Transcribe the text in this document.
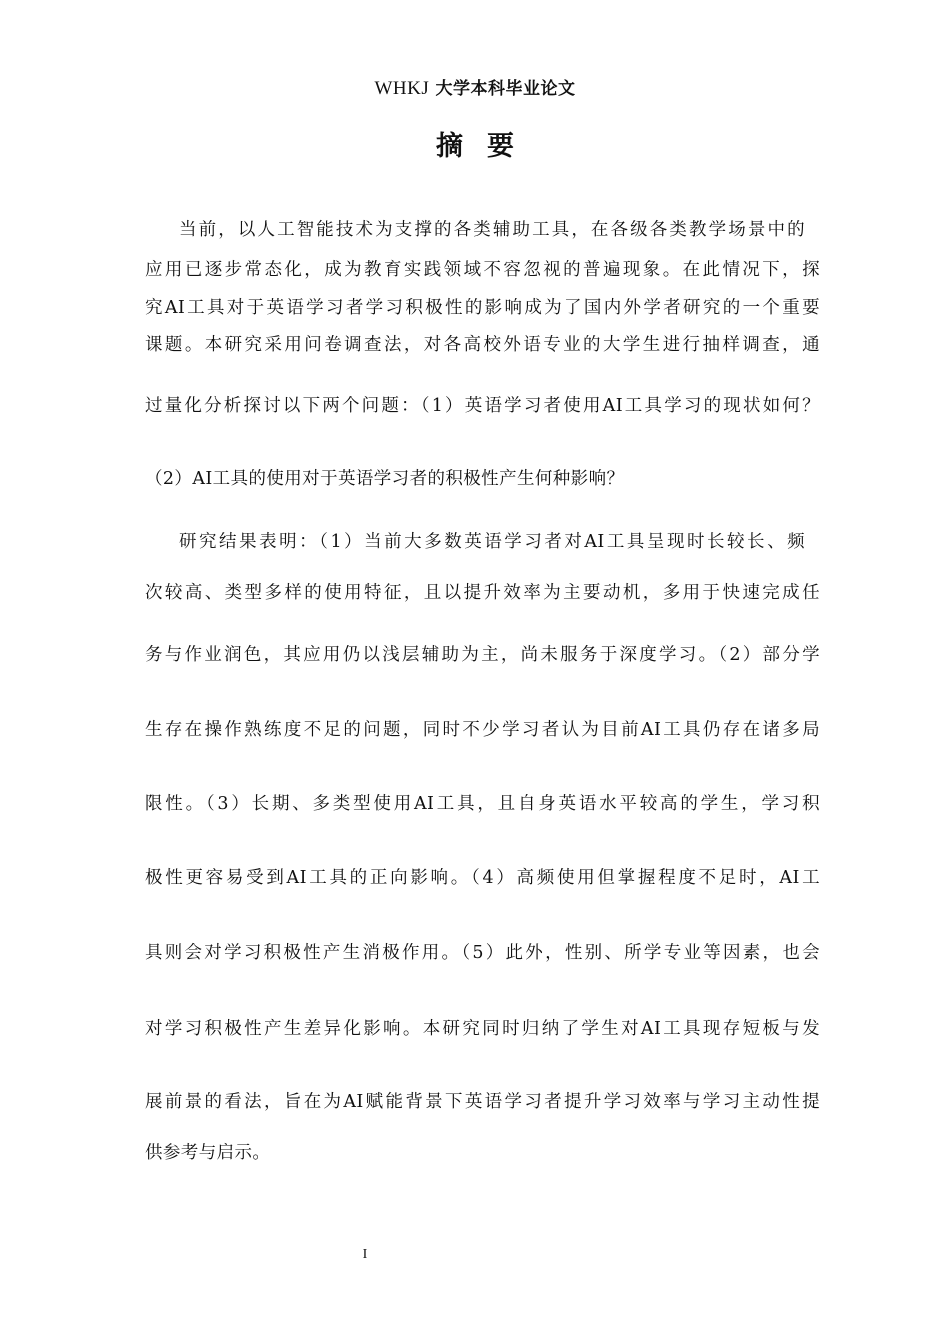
WHKJ 大学本科毕业论文
摘要
当前，以人工智能技术为支撑的各类辅助工具，在各级各类教学场景中的
应用已逐步常态化，成为教育实践领域不容忽视的普遍现象。在此情况下，探
究AI工具对于英语学习者学习积极性的影响成为了国内外学者研究的一个重要
课题。本研究采用问卷调查法，对各高校外语专业的大学生进行抽样调查，通
过量化分析探讨以下两个问题：（1）英语学习者使用AI工具学习的现状如何？
（2）AI工具的使用对于英语学习者的积极性产生何种影响？
研究结果表明：（1）当前大多数英语学习者对AI工具呈现时长较长、频
次较高、类型多样的使用特征，且以提升效率为主要动机，多用于快速完成任
务与作业润色，其应用仍以浅层辅助为主，尚未服务于深度学习。（2）部分学
生存在操作熟练度不足的问题，同时不少学习者认为目前AI工具仍存在诸多局
限性。（3）长期、多类型使用AI工具，且自身英语水平较高的学生，学习积
极性更容易受到AI工具的正向影响。（4）高频使用但掌握程度不足时，AI工
具则会对学习积极性产生消极作用。（5）此外，性别、所学专业等因素，也会
对学习积极性产生差异化影响。本研究同时归纳了学生对AI工具现存短板与发
展前景的看法，旨在为AI赋能背景下英语学习者提升学习效率与学习主动性提
供参考与启示。
I
